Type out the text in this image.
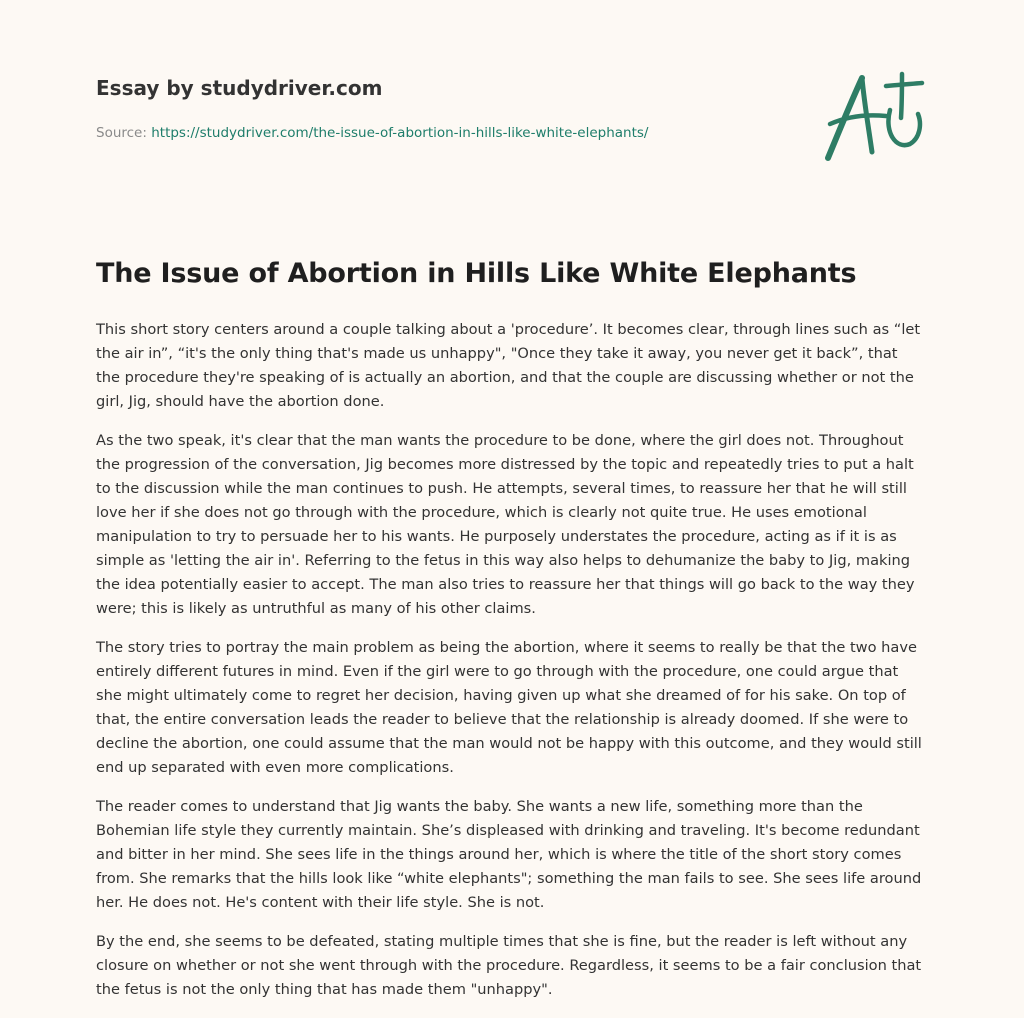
Essay by studydriver.com

Source: https://studydriver.com/the-issue-of-abortion-in-hills-like-white-elephants/
The Issue of Abortion in Hills Like White Elephants

This short story centers around a couple talking about a 'procedure’. It becomes clear, through lines such as “let the air in”, “it's the only thing that's made us unhappy", "Once they take it away, you never get it back”, that the procedure they're speaking of is actually an abortion, and that the couple are discussing whether or not the girl, Jig, should have the abortion done.

As the two speak, it's clear that the man wants the procedure to be done, where the girl does not. Throughout the progression of the conversation, Jig becomes more distressed by the topic and repeatedly tries to put a halt to the discussion while the man continues to push. He attempts, several times, to reassure her that he will still love her if she does not go through with the procedure, which is clearly not quite true. He uses emotional manipulation to try to persuade her to his wants. He purposely understates the procedure, acting as if it is as simple as 'letting the air in'. Referring to the fetus in this way also helps to dehumanize the baby to Jig, making the idea potentially easier to accept. The man also tries to reassure her that things will go back to the way they were; this is likely as untruthful as many of his other claims.

The story tries to portray the main problem as being the abortion, where it seems to really be that the two have entirely different futures in mind. Even if the girl were to go through with the procedure, one could argue that she might ultimately come to regret her decision, having given up what she dreamed of for his sake. On top of that, the entire conversation leads the reader to believe that the relationship is already doomed. If she were to decline the abortion, one could assume that the man would not be happy with this outcome, and they would still end up separated with even more complications.

The reader comes to understand that Jig wants the baby. She wants a new life, something more than the Bohemian life style they currently maintain. She’s displeased with drinking and traveling. It's become redundant and bitter in her mind. She sees life in the things around her, which is where the title of the short story comes from. She remarks that the hills look like “white elephants"; something the man fails to see. She sees life around her. He does not. He's content with their life style. She is not.

By the end, she seems to be defeated, stating multiple times that she is fine, but the reader is left without any closure on whether or not she went through with the procedure. Regardless, it seems to be a fair conclusion that the fetus is not the only thing that has made them "unhappy".
